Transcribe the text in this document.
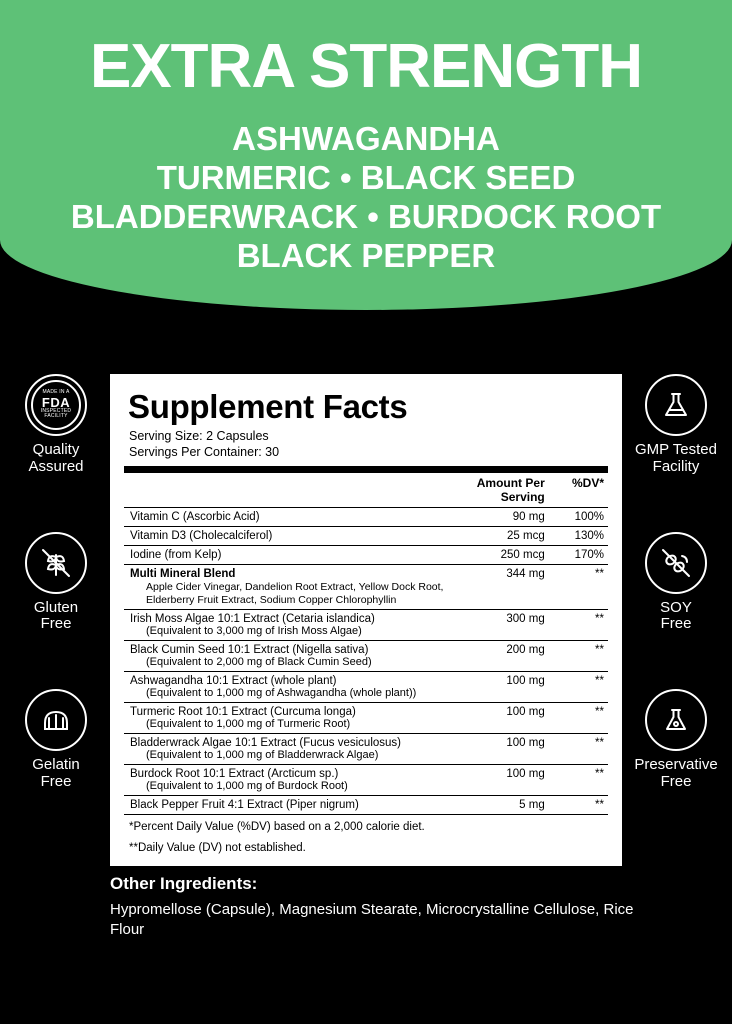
EXTRA STRENGTH
ASHWAGANDHA
TURMERIC • BLACK SEED
BLADDERWRACK • BURDOCK ROOT
BLACK PEPPER
MADE IN A
FDA
INSPECTED
FACILITY
Quality
Assured
Gluten
Free
Gelatin
Free
GMP Tested
Facility
SOY
Free
Preservative
Free
Supplement Facts
Serving Size: 2 Capsules
Servings Per Container: 30
	Amount Per Serving	%DV*

Vitamin C (Ascorbic Acid)	90 mg	100%

Vitamin D3 (Cholecalciferol)	25 mcg	130%

Iodine (from Kelp)	250 mcg	170%

Multi Mineral Blend
Apple Cider Vinegar, Dandelion Root Extract, Yellow Dock Root, Elderberry Fruit Extract, Sodium Copper Chlorophyllin	344 mg	**

Irish Moss Algae 10:1 Extract (Cetaria islandica)
(Equivalent to 3,000 mg of Irish Moss Algae)	300 mg	**

Black Cumin Seed 10:1 Extract (Nigella sativa)
(Equivalent to 2,000 mg of Black Cumin Seed)	200 mg	**

Ashwagandha 10:1 Extract (whole plant)
(Equivalent to 1,000 mg of Ashwagandha (whole plant))	100 mg	**

Turmeric Root 10:1 Extract (Curcuma longa)
(Equivalent to 1,000 mg of Turmeric Root)	100 mg	**

Bladderwrack Algae 10:1 Extract (Fucus vesiculosus)
(Equivalent to 1,000 mg of Bladderwrack Algae)	100 mg	**

Burdock Root 10:1 Extract (Arcticum sp.)
(Equivalent to 1,000 mg of Burdock Root)	100 mg	**

Black Pepper Fruit 4:1 Extract (Piper nigrum)	5 mg	**
*Percent Daily Value (%DV) based on a 2,000 calorie diet.
**Daily Value (DV) not established.
Other Ingredients:
Hypromellose (Capsule), Magnesium Stearate, Microcrystalline Cellulose, Rice Flour
